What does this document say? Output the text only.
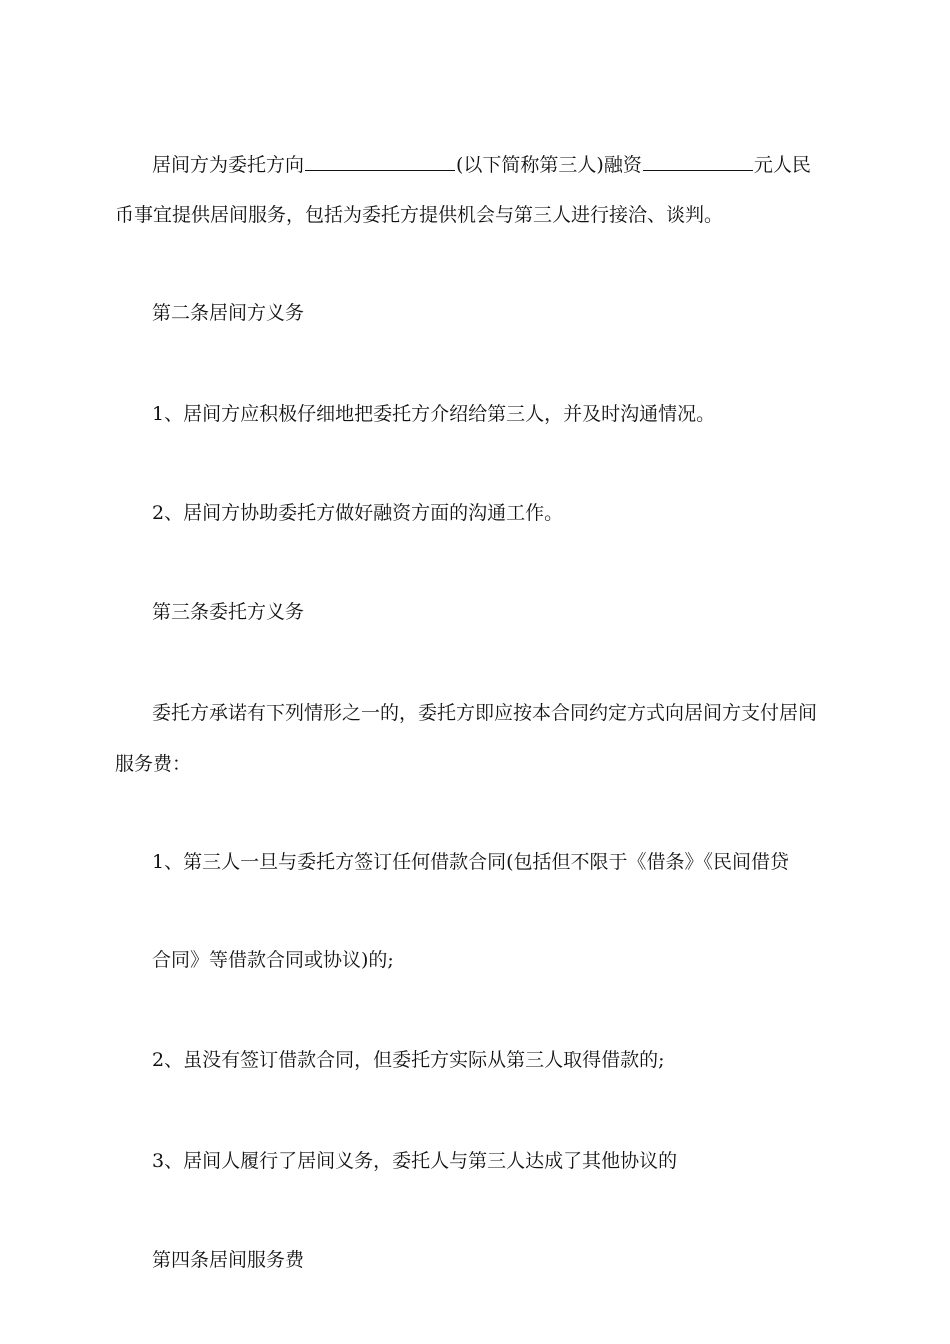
居间方为委托方向	(以下简称第三人)融资	元人民
币事宜提供居间服务，包括为委托方提供机会与第三人进行接洽、谈判。
第二条居间方义务
1、居间方应积极仔细地把委托方介绍给第三人，并及时沟通情况。
2、居间方协助委托方做好融资方面的沟通工作。
第三条委托方义务
委托方承诺有下列情形之一的，委托方即应按本合同约定方式向居间方支付居间
服务费：
1、第三人一旦与委托方签订任何借款合同(包括但不限于《借条》《民间借贷
合同》等借款合同或协议)的;
2、虽没有签订借款合同，但委托方实际从第三人取得借款的;
3、居间人履行了居间义务，委托人与第三人达成了其他协议的
第四条居间服务费
